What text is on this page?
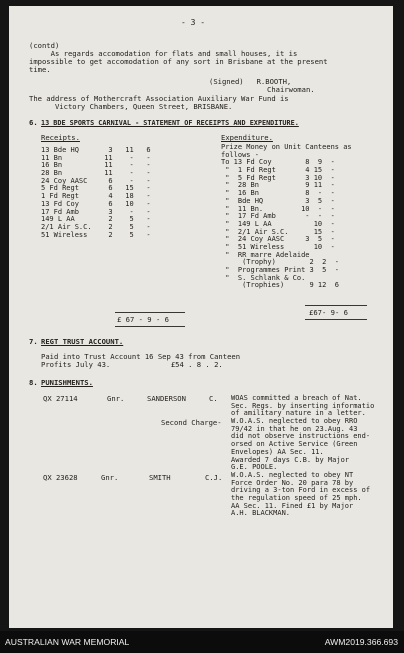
- 3 -
(contd)
As regards accomodation for flats and small houses, it is
impossible to get accomodation of any sort in Brisbane at the present
time.
(Signed)   R.BOOTH,
Chairwoman.
The address of Mothercraft Association Auxiliary War Fund is
Victory Chambers, Queen Street, BRISBANE.
6. 13 BDE SPORTS CARNIVAL - STATEMENT OF RECEIPTS AND EXPENDITURE.
Receipts.
13 Bde HQ       3   11   6
11 Bn          11    -   -
16 Bn          11    -   -
28 Bn          11    -   -
24 Coy AASC     6    -   -
5 Fd Regt       6   15   -
1 Fd Regt       4   18   -
13 Fd Coy       6   10   -
17 Fd Amb       3    -   -
149 L AA        2    5   -
2/1 Air S.C.    2    5   -
51 Wireless     2    5   -
£ 67 - 9 - 6
Expenditure.
Prize Money on Unit Canteens as
follows -
To 13 Fd Coy        8  9  -
"  1 Fd Regt       4 15  -
"  5 Fd Regt       3 10  -
"  28 Bn           9 11  -
"  16 Bn           8  -  -
"  Bde HQ          3  5  -
"  11 Bn.         10  -  -
"  17 Fd Amb       -  -  -
"  149 L AA          10  -
"  2/1 Air S.C.      15  -
"  24 Coy AASC     3  5  -
"  51 Wireless       10  -
"  RR marre Adelaide
(Trophy)        2  2  -
"  Programmes Print 3  5  -
"  S. Schlank & Co.
(Trophies)      9 12  6
£67- 9- 6
7. REGT TRUST ACCOUNT.
Paid into Trust Account 16 Sep 43 from Canteen
Profits July 43.              £54 . 8 . 2.
8. PUNISHMENTS.
QX 27114	Gnr.	SANDERSON	C.
Second Charge-
WOAS committed a breach of Nat.
Sec. Regs. by inserting informatio
of amilitary nature in a letter.
W.O.A.S. neglected to obey RRO
79/42 in that he on 23.Aug. 43
did not observe instructions end-
orsed on Active Service (Green
Envelopes) AA Sec. 11.
Awarded 7 days C.B. by Major
G.E. POOLE.
QX 23628	Gnr.	SMITH	C.J. W.O.A.S. neglected to obey NT
Force Order No. 20 para 78 by
driving a 3-ton Ford in excess of
the regulation speed of 25 mph.
AA Sec. 11. Fined £1 by Major
A.H. BLACKMAN.
AUSTRALIAN WAR MEMORIAL	AWM2019.366.693
